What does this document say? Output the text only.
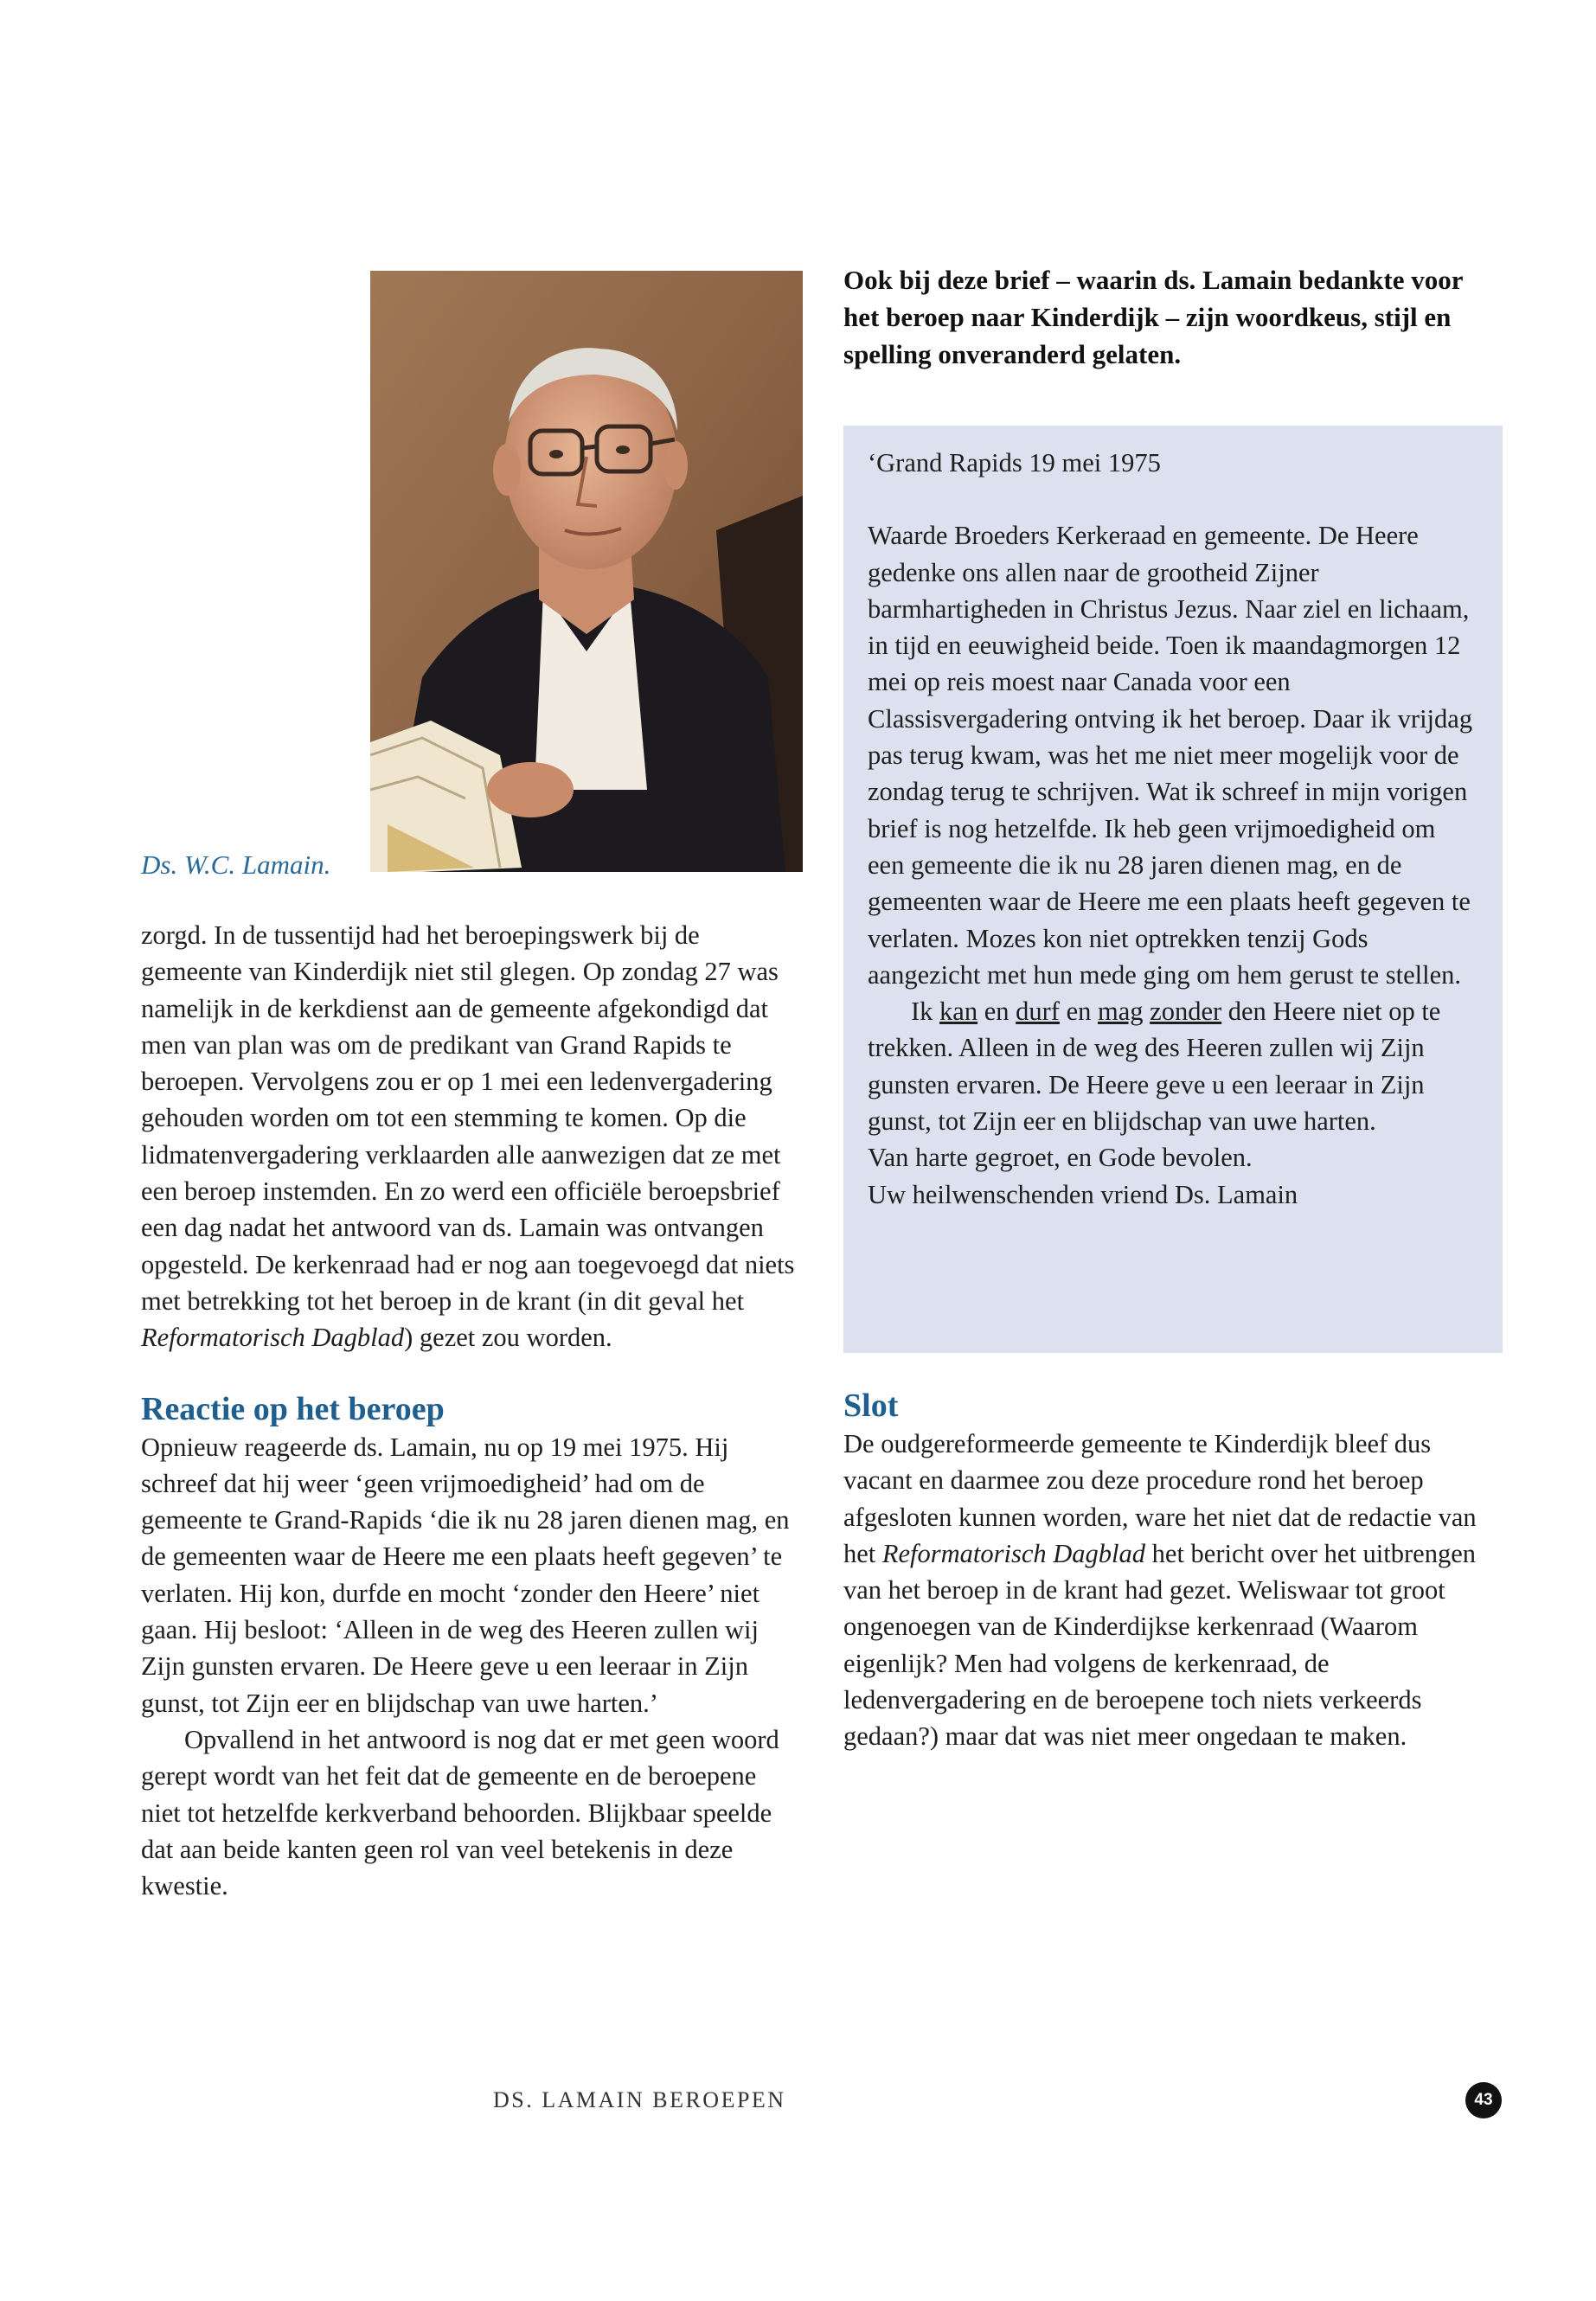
Ds. W.C. Lamain.

Ook bij deze brief – waarin ds. Lamain bedankte voor het beroep naar Kinderdijk – zijn woordkeus, stijl en spelling onveranderd gelaten.

‘Grand Rapids 19 mei 1975

Waarde Broeders Kerkeraad en gemeente. De Heere gedenke ons allen naar de grootheid Zijner barmhartigheden in Christus Jezus. Naar ziel en lichaam, in tijd en eeuwigheid beide. Toen ik maandagmorgen 12 mei op reis moest naar Canada voor een Classisvergadering ontving ik het beroep. Daar ik vrijdag pas terug kwam, was het me niet meer mogelijk voor de zondag terug te schrijven. Wat ik schreef in mijn vorigen brief is nog hetzelfde. Ik heb geen vrijmoedigheid om een gemeente die ik nu 28 jaren dienen mag, en de gemeenten waar de Heere me een plaats heeft gegeven te verlaten. Mozes kon niet optrekken tenzij Gods aangezicht met hun mede ging om hem gerust te stellen.

Ik kan en durf en mag zonder den Heere niet op te trekken. Alleen in de weg des Heeren zullen wij Zijn gunsten ervaren. De Heere geve u een leeraar in Zijn gunst, tot Zijn eer en blijdschap van uwe harten.

Van harte gegroet, en Gode bevolen.

Uw heilwenschenden vriend Ds. Lamain

zorgd. In de tussentijd had het beroepingswerk bij de gemeente van Kinderdijk niet stil glegen. Op zondag 27 was namelijk in de kerkdienst aan de gemeente afgekondigd dat men van plan was om de predikant van Grand Rapids te beroepen. Vervolgens zou er op 1 mei een ledenvergadering gehouden worden om tot een stemming te komen. Op die lidmatenvergadering verklaarden alle aanwezigen dat ze met een beroep instemden. En zo werd een officiële beroepsbrief een dag nadat het antwoord van ds. Lamain was ontvangen opgesteld. De kerkenraad had er nog aan toegevoegd dat niets met betrekking tot het beroep in de krant (in dit geval het Reformatorisch Dagblad) gezet zou worden.

Reactie op het beroep

Opnieuw reageerde ds. Lamain, nu op 19 mei 1975. Hij schreef dat hij weer ‘geen vrijmoedigheid’ had om de gemeente te Grand-Rapids ‘die ik nu 28 jaren dienen mag, en de gemeenten waar de Heere me een plaats heeft gegeven’ te verlaten. Hij kon, durfde en mocht ‘zonder den Heere’ niet gaan. Hij besloot: ‘Alleen in de weg des Heeren zullen wij Zijn gunsten ervaren. De Heere geve u een leeraar in Zijn gunst, tot Zijn eer en blijdschap van uwe harten.’

Opvallend in het antwoord is nog dat er met geen woord gerept wordt van het feit dat de gemeente en de beroepene niet tot hetzelfde kerkverband behoorden. Blijkbaar speelde dat aan beide kanten geen rol van veel betekenis in deze kwestie.

Slot

De oudgereformeerde gemeente te Kinderdijk bleef dus vacant en daarmee zou deze procedure rond het beroep afgesloten kunnen worden, ware het niet dat de redactie van het Reformatorisch Dagblad het bericht over het uitbrengen van het beroep in de krant had gezet. Weliswaar tot groot ongenoegen van de Kinderdijkse kerkenraad (Waarom eigenlijk? Men had volgens de kerkenraad, de ledenvergadering en de beroepene toch niets verkeerds gedaan?) maar dat was niet meer ongedaan te maken.

DS. LAMAIN BEROEPEN	43
